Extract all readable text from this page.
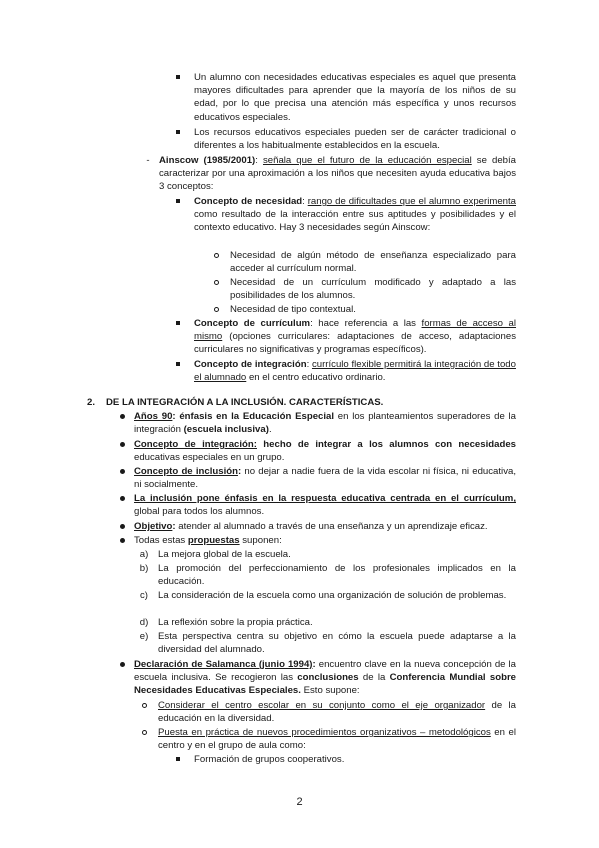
Un alumno con necesidades educativas especiales es aquel que presenta mayores dificultades para aprender que la mayoría de los niños de su edad, por lo que precisa una atención más específica y unos recursos educativos especiales.
Los recursos educativos especiales pueden ser de carácter tradicional o diferentes a los habitualmente establecidos en la escuela.
- Ainscow (1985/2001): señala que el futuro de la educación especial se debía caracterizar por una aproximación a los niños que necesiten ayuda educativa bajos 3 conceptos:
Concepto de necesidad: rango de dificultades que el alumno experimenta como resultado de la interacción entre sus aptitudes y posibilidades y el contexto educativo. Hay 3 necesidades según Ainscow:
Necesidad de algún método de enseñanza especializado para acceder al currículum normal.
Necesidad de un currículum modificado y adaptado a las posibilidades de los alumnos.
Necesidad de tipo contextual.
Concepto de currículum: hace referencia a las formas de acceso al mismo (opciones curriculares: adaptaciones de acceso, adaptaciones curriculares no significativas y programas específicos).
Concepto de integración: currículo flexible permitirá la integración de todo el alumnado en el centro educativo ordinario.
2. DE LA INTEGRACIÓN A LA INCLUSIÓN. CARACTERÍSTICAS.
Años 90: énfasis en la Educación Especial en los planteamientos superadores de la integración (escuela inclusiva).
Concepto de integración: hecho de integrar a los alumnos con necesidades educativas especiales en un grupo.
Concepto de inclusión: no dejar a nadie fuera de la vida escolar ni física, ni educativa, ni socialmente.
La inclusión pone énfasis en la respuesta educativa centrada en el currículum, global para todos los alumnos.
Objetivo: atender al alumnado a través de una enseñanza y un aprendizaje eficaz.
Todas estas propuestas suponen:
a) La mejora global de la escuela.
b) La promoción del perfeccionamiento de los profesionales implicados en la educación.
c) La consideración de la escuela como una organización de solución de problemas.
d) La reflexión sobre la propia práctica.
e) Esta perspectiva centra su objetivo en cómo la escuela puede adaptarse a la diversidad del alumnado.
Declaración de Salamanca (junio 1994): encuentro clave en la nueva concepción de la escuela inclusiva. Se recogieron las conclusiones de la Conferencia Mundial sobre Necesidades Educativas Especiales. Esto supone:
Considerar el centro escolar en su conjunto como el eje organizador de la educación en la diversidad.
Puesta en práctica de nuevos procedimientos organizativos – metodológicos en el centro y en el grupo de aula como:
Formación de grupos cooperativos.
2
